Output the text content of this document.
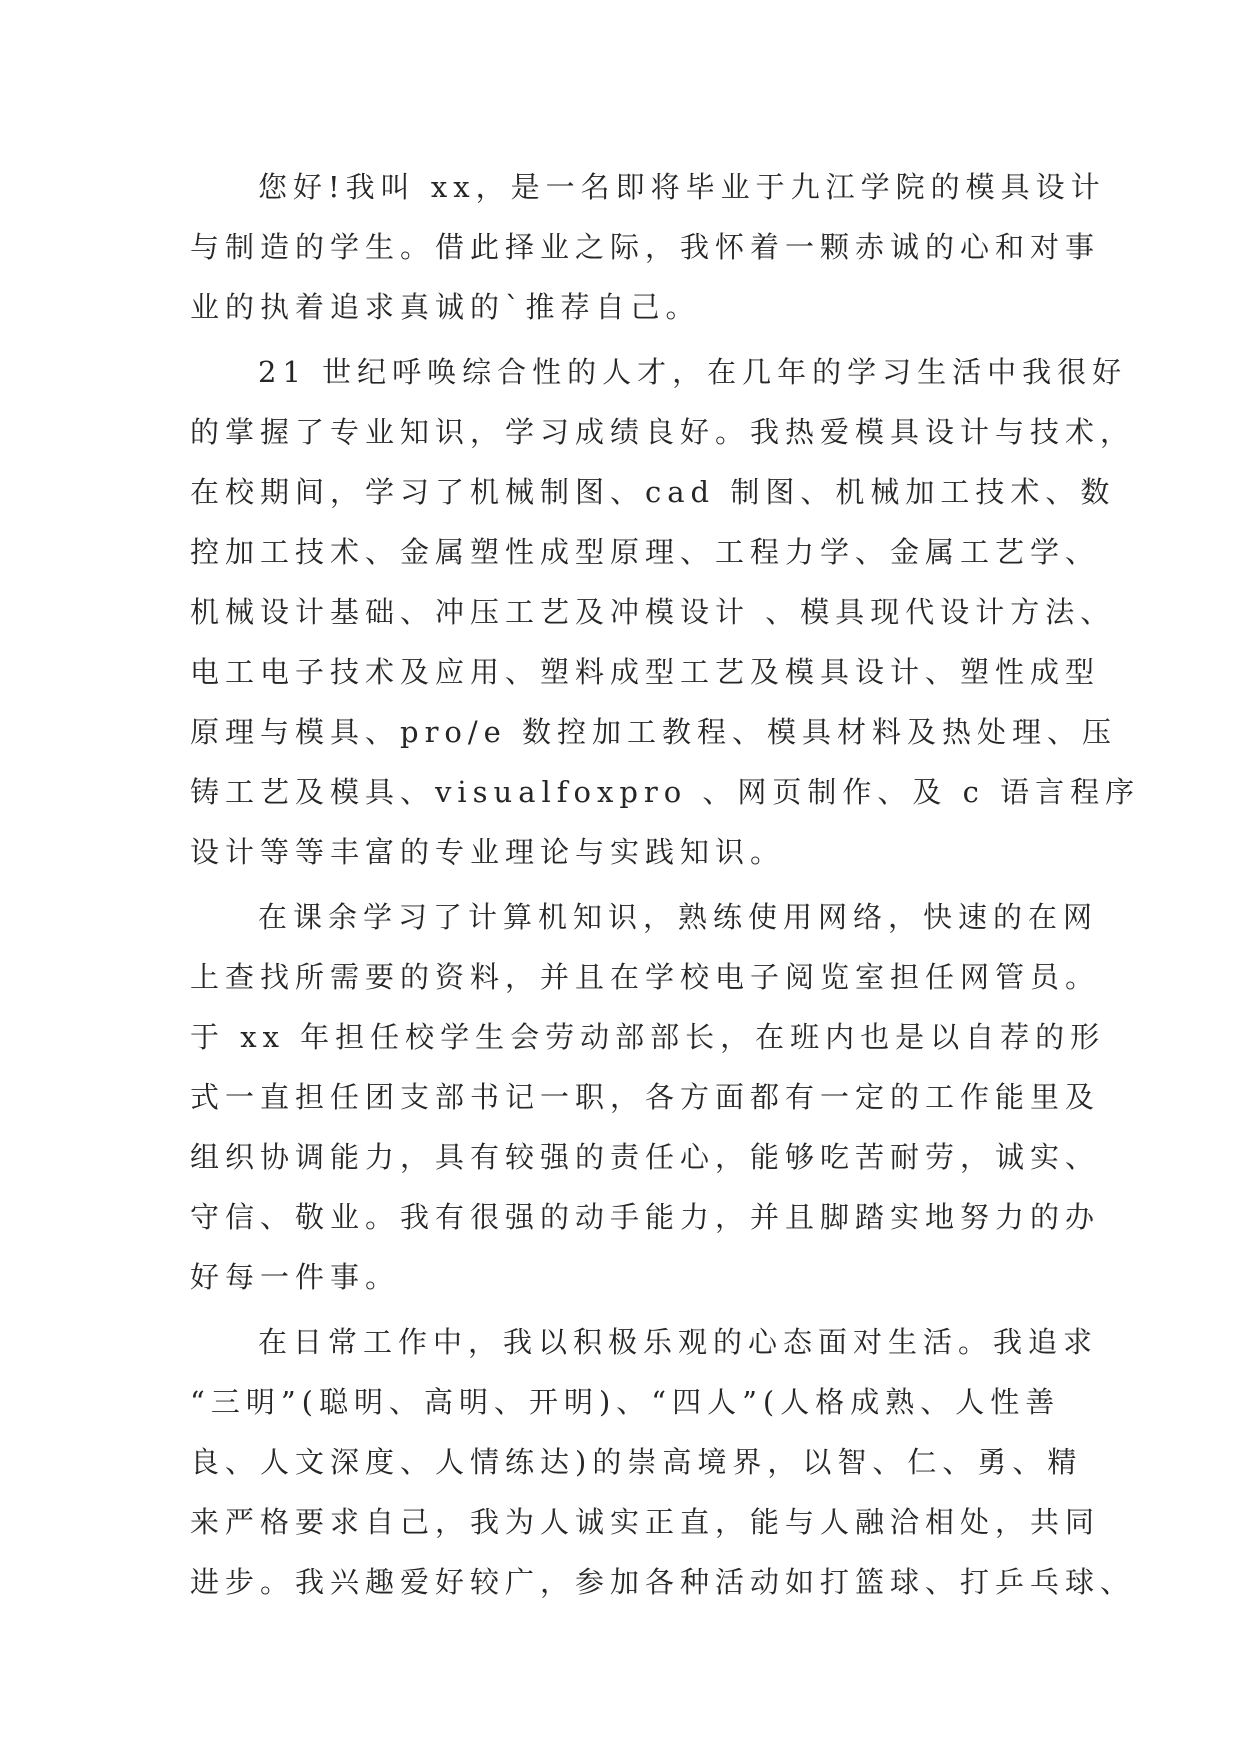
您好!我叫 xx，是一名即将毕业于九江学院的模具设计
与制造的学生。借此择业之际，我怀着一颗赤诚的心和对事
业的执着追求真诚的`推荐自己。
21 世纪呼唤综合性的人才，在几年的学习生活中我很好
的掌握了专业知识，学习成绩良好。我热爱模具设计与技术，
在校期间，学习了机械制图、cad 制图、机械加工技术、数
控加工技术、金属塑性成型原理、工程力学、金属工艺学、
机械设计基础、冲压工艺及冲模设计 、模具现代设计方法、
电工电子技术及应用、塑料成型工艺及模具设计、塑性成型
原理与模具、pro/e 数控加工教程、模具材料及热处理、压
铸工艺及模具、visualfoxpro 、网页制作、及 c 语言程序
设计等等丰富的专业理论与实践知识。
在课余学习了计算机知识，熟练使用网络，快速的在网
上查找所需要的资料，并且在学校电子阅览室担任网管员。
于 xx 年担任校学生会劳动部部长，在班内也是以自荐的形
式一直担任团支部书记一职，各方面都有一定的工作能里及
组织协调能力，具有较强的责任心，能够吃苦耐劳，诚实、
守信、敬业。我有很强的动手能力，并且脚踏实地努力的办
好每一件事。
在日常工作中，我以积极乐观的心态面对生活。我追求
“三明”(聪明、高明、开明)、“四人”(人格成熟、人性善
良、人文深度、人情练达)的崇高境界，以智、仁、勇、精
来严格要求自己，我为人诚实正直，能与人融洽相处，共同
进步。我兴趣爱好较广，参加各种活动如打篮球、打乒乓球、
